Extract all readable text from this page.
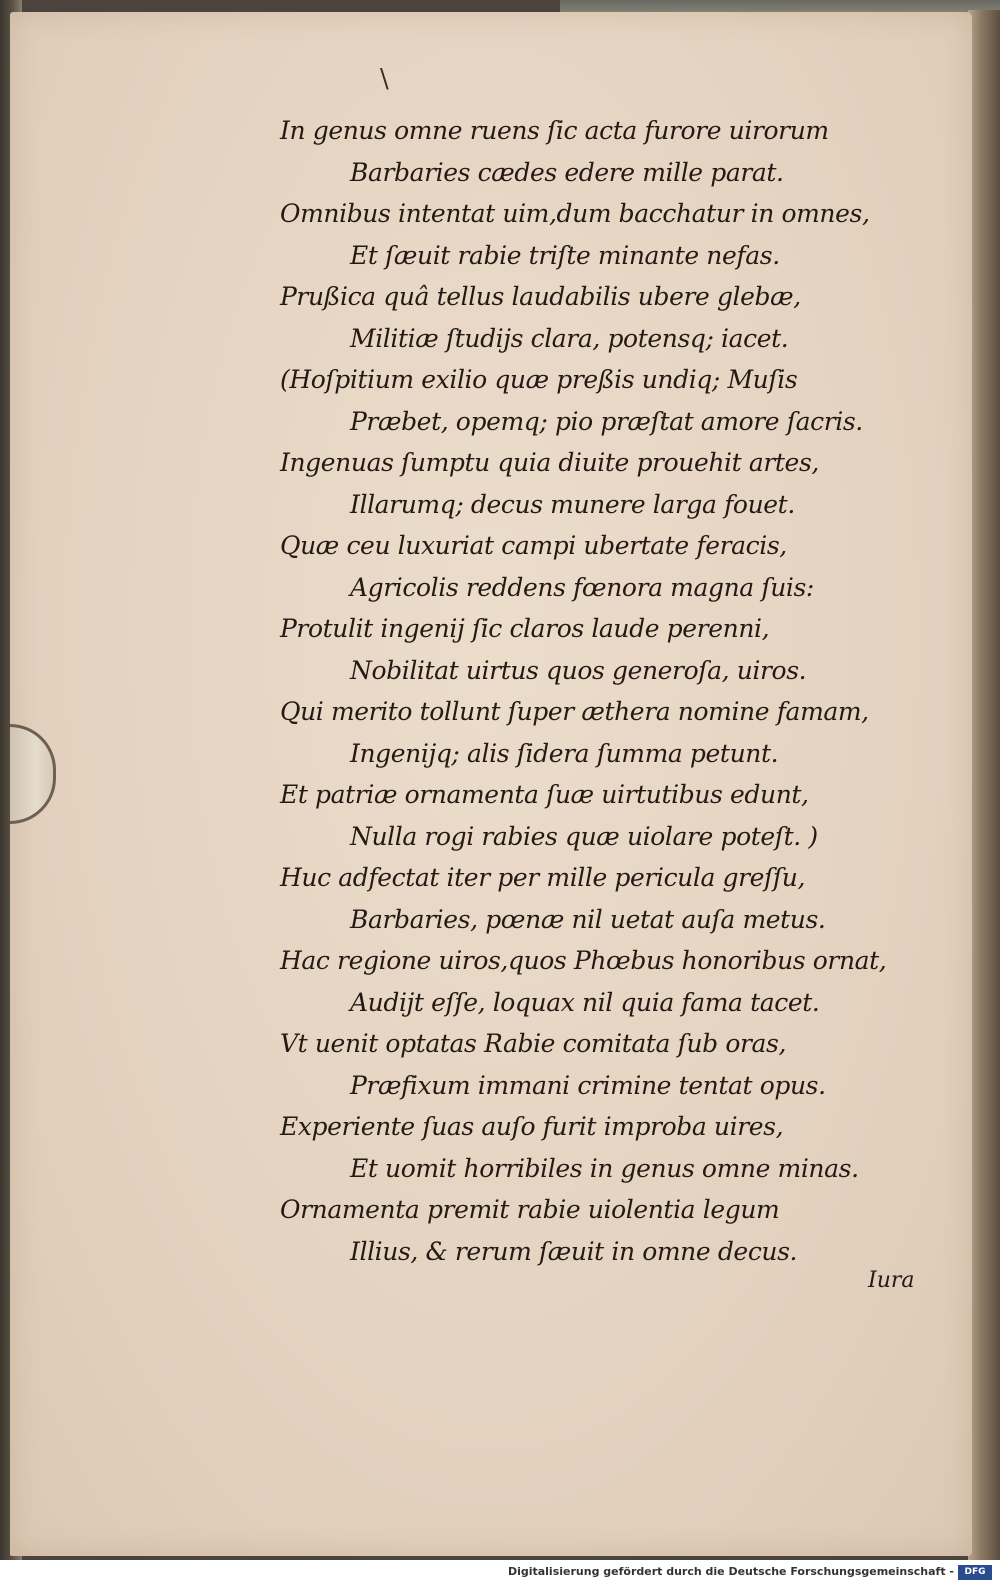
\
In genus omne ruens ſic acta furore uirorum
Barbaries cædes edere mille parat.
Omnibus intentat uim,dum bacchatur in omnes,
Et ſæuit rabie triſte minante nefas.
Prußica quâ tellus laudabilis ubere glebæ,
Militiæ ſtudijs clara, potensq; iacet.
(Hoſpitium exilio quæ preßis undiq; Muſis
Præbet, opemq; pio præſtat amore ſacris.
Ingenuas ſumptu quia diuite prouehit artes,
Illarumq; decus munere larga fouet.
Quæ ceu luxuriat campi ubertate feracis,
Agricolis reddens fœnora magna ſuis:
Protulit ingenij ſic claros laude perenni,
Nobilitat uirtus quos generoſa, uiros.
Qui merito tollunt ſuper æthera nomine famam,
Ingenijq; alis ſidera ſumma petunt.
Et patriæ ornamenta ſuæ uirtutibus edunt,
Nulla rogi rabies quæ uiolare poteſt. )
Huc adfectat iter per mille pericula greſſu,
Barbaries, pœnæ nil uetat auſa metus.
Hac regione uiros,quos Phœbus honoribus ornat,
Audijt eſſe, loquax nil quia fama tacet.
Vt uenit optatas Rabie comitata ſub oras,
Præfixum immani crimine tentat opus.
Experiente ſuas auſo furit improba uires,
Et uomit horribiles in genus omne minas.
Ornamenta premit rabie uiolentia legum
Illius, & rerum ſæuit in omne decus.
Iura
Digitalisierung gefördert durch die Deutsche Forschungsgemeinschaft -	DFG
